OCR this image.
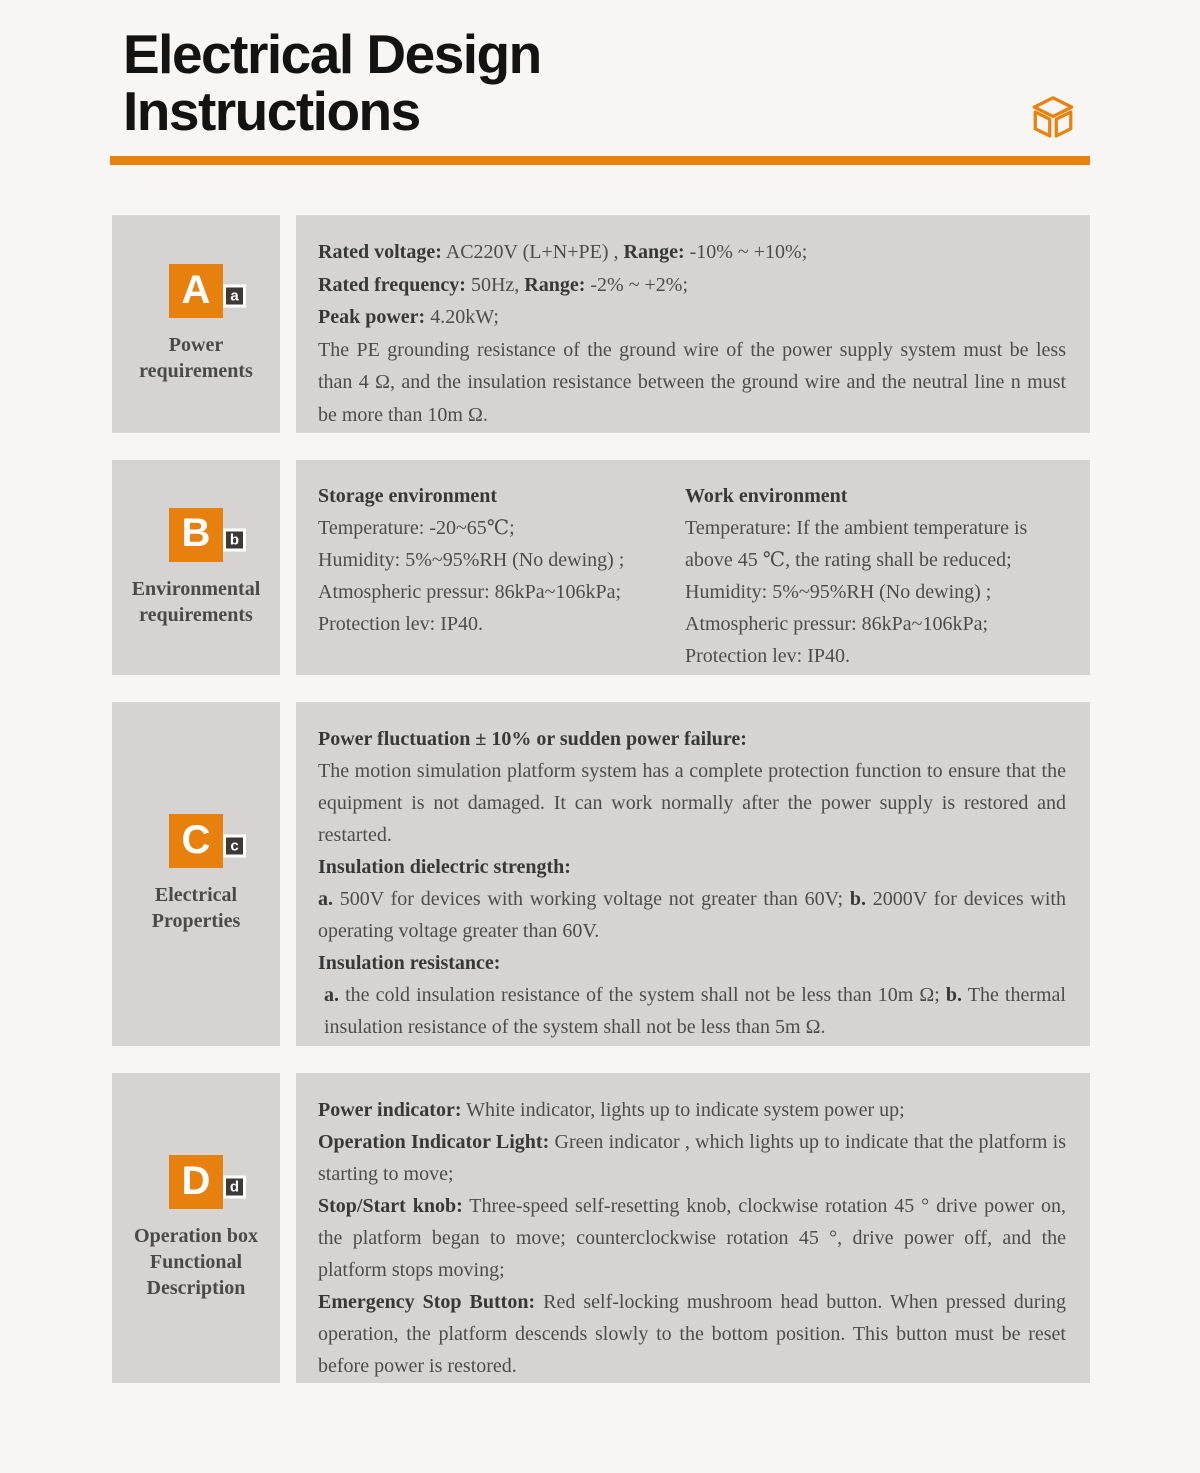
Electrical Design
Instructions
A	a
Power requirements
Rated voltage: AC220V (L+N+PE) , Range: -10% ~ +10%;
Rated frequency: 50Hz, Range: -2% ~ +2%;
Peak power: 4.20kW;
The PE grounding resistance of the ground wire of the power supply system must be less than 4 Ω, and the insulation resistance between the ground wire and the neutral line n must be more than 10m Ω.
B	b
Environmental requirements
Storage environment
Temperature: -20~65℃;
Humidity: 5%~95%RH (No dewing) ;
Atmospheric pressur: 86kPa~106kPa;
Protection lev: IP40.
Work environment
Temperature: If the ambient temperature is above 45 ℃, the rating shall be reduced;
Humidity: 5%~95%RH (No dewing) ;
Atmospheric pressur: 86kPa~106kPa;
Protection lev: IP40.
C	c
Electrical Properties
Power fluctuation ± 10% or sudden power failure:
The motion simulation platform system has a complete protection function to ensure that the equipment is not damaged. It can work normally after the power supply is restored and restarted.
Insulation dielectric strength:
a. 500V for devices with working voltage not greater than 60V; b. 2000V for devices with operating voltage greater than 60V.
Insulation resistance:
a. the cold insulation resistance of the system shall not be less than 10m Ω; b. The thermal insulation resistance of the system shall not be less than 5m Ω.
D	d
Operation box Functional Description
Power indicator: White indicator, lights up to indicate system power up;
Operation Indicator Light: Green indicator , which lights up to indicate that the platform is starting to move;
Stop/Start knob: Three-speed self-resetting knob, clockwise rotation 45 ° drive power on, the platform began to move; counterclockwise rotation 45 °, drive power off, and the platform stops moving;
Emergency Stop Button: Red self-locking mushroom head button. When pressed during operation, the platform descends slowly to the bottom position. This button must be reset before power is restored.
